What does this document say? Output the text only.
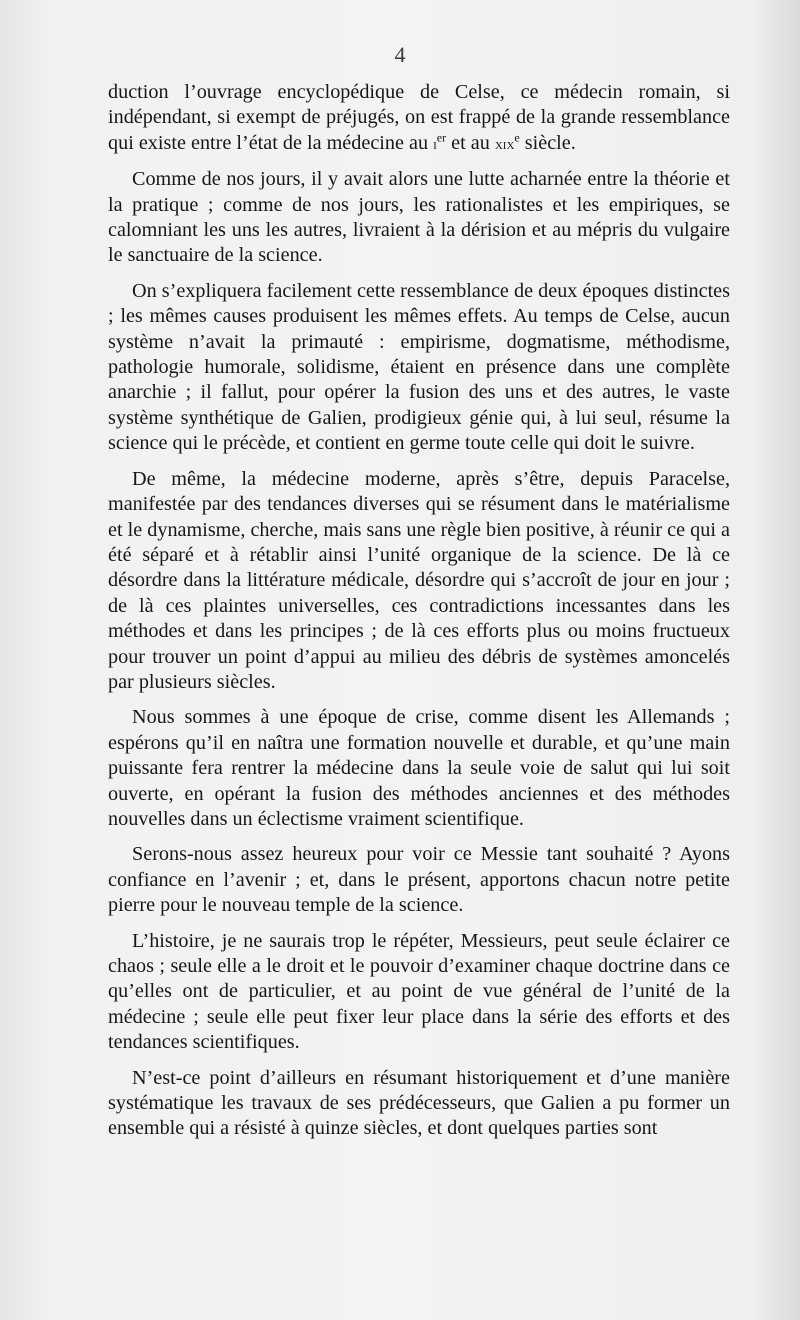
4

duction l’ouvrage encyclopédique de Celse, ce médecin romain, si indépendant, si exempt de préjugés, on est frappé de la grande ressemblance qui existe entre l’état de la médecine au $i^{er}$ et au xix$^e$ siècle.

Comme de nos jours, il y avait alors une lutte acharnée entre la théorie et la pratique ; comme de nos jours, les rationalistes et les empiriques, se calomniant les uns les autres, livraient à la dérision et au mépris du vulgaire le sanctuaire de la science.

On s’expliquera facilement cette ressemblance de deux époques distinctes ; les mêmes causes produisent les mêmes effets. Au temps de Celse, aucun système n’avait la primauté : empirisme, dogmatisme, méthodisme, pathologie humorale, solidisme, étaient en présence dans une complète anarchie ; il fallut, pour opérer la fusion des uns et des autres, le vaste système synthétique de Galien, prodigieux génie qui, à lui seul, résume la science qui le précède, et contient en germe toute celle qui doit le suivre.

De même, la médecine moderne, après s’être, depuis Paracelse, manifestée par des tendances diverses qui se résument dans le matérialisme et le dynamisme, cherche, mais sans une règle bien positive, à réunir ce qui a été séparé et à rétablir ainsi l’unité organique de la science. De là ce désordre dans la littérature médicale, désordre qui s’accroît de jour en jour ; de là ces plaintes universelles, ces contradictions incessantes dans les méthodes et dans les principes ; de là ces efforts plus ou moins fructueux pour trouver un point d’appui au milieu des débris de systèmes amoncelés par plusieurs siècles.

Nous sommes à une époque de crise, comme disent les Allemands ; espérons qu’il en naîtra une formation nouvelle et durable, et qu’une main puissante fera rentrer la médecine dans la seule voie de salut qui lui soit ouverte, en opérant la fusion des méthodes anciennes et des méthodes nouvelles dans un éclectisme vraiment scientifique.

Serons-nous assez heureux pour voir ce Messie tant souhaité ? Ayons confiance en l’avenir ; et, dans le présent, apportons chacun notre petite pierre pour le nouveau temple de la science.

L’histoire, je ne saurais trop le répéter, Messieurs, peut seule éclairer ce chaos ; seule elle a le droit et le pouvoir d’examiner chaque doctrine dans ce qu’elles ont de particulier, et au point de vue général de l’unité de la médecine ; seule elle peut fixer leur place dans la série des efforts et des tendances scientifiques.

N’est-ce point d’ailleurs en résumant historiquement et d’une manière systématique les travaux de ses prédécesseurs, que Galien a pu former un ensemble qui a résisté à quinze siècles, et dont quelques parties sont
